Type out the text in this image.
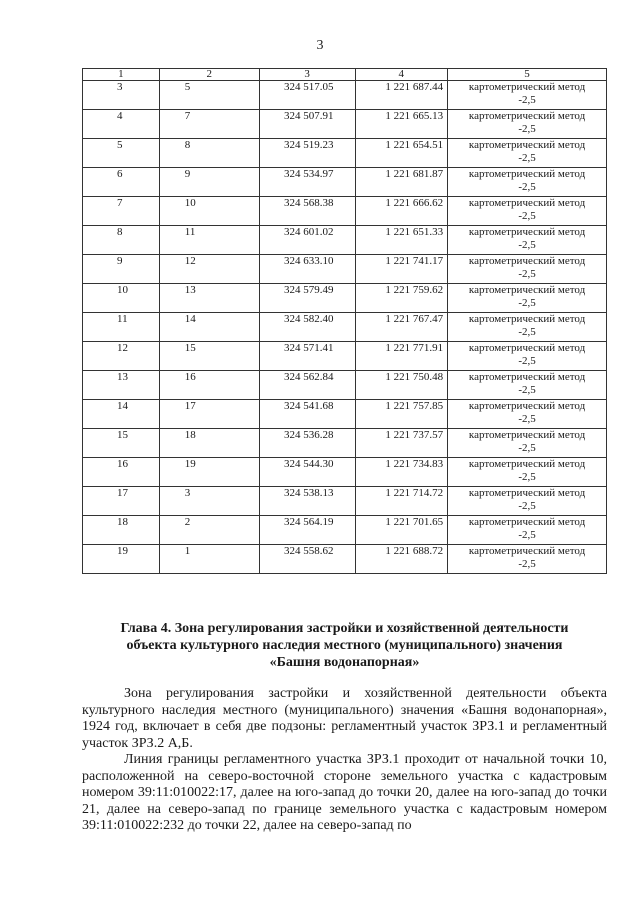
3
1	2	3	4	5
3	5	324 517.05	1 221 687.44	картометрический метод
-2,5

4	7	324 507.91	1 221 665.13	картометрический метод
-2,5

5	8	324 519.23	1 221 654.51	картометрический метод
-2,5

6	9	324 534.97	1 221 681.87	картометрический метод
-2,5

7	10	324 568.38	1 221 666.62	картометрический метод
-2,5

8	11	324 601.02	1 221 651.33	картометрический метод
-2,5

9	12	324 633.10	1 221 741.17	картометрический метод
-2,5

10	13	324 579.49	1 221 759.62	картометрический метод
-2,5

11	14	324 582.40	1 221 767.47	картометрический метод
-2,5

12	15	324 571.41	1 221 771.91	картометрический метод
-2,5

13	16	324 562.84	1 221 750.48	картометрический метод
-2,5

14	17	324 541.68	1 221 757.85	картометрический метод
-2,5

15	18	324 536.28	1 221 737.57	картометрический метод
-2,5

16	19	324 544.30	1 221 734.83	картометрический метод
-2,5

17	3	324 538.13	1 221 714.72	картометрический метод
-2,5

18	2	324 564.19	1 221 701.65	картометрический метод
-2,5

19	1	324 558.62	1 221 688.72	картометрический метод
-2,5
Глава 4. Зона регулирования застройки и хозяйственной деятельности
объекта культурного наследия местного (муниципального) значения
«Башня водонапорная»

Зона регулирования застройки и хозяйственной деятельности объекта культурного наследия местного (муниципального) значения «Башня водонапорная», 1924 год, включает в себя две подзоны: регламентный участок ЗРЗ.1 и регламентный участок ЗРЗ.2 А,Б.

Линия границы регламентного участка ЗРЗ.1 проходит от начальной точки 10, расположенной на северо-восточной стороне земельного участка с кадастровым номером 39:11:010022:17, далее на юго-запад до точки 20, далее на юго-запад до точки 21, далее на северо-запад по границе земельного участка с кадастровым номером 39:11:010022:232 до точки 22, далее на северо-запад по
